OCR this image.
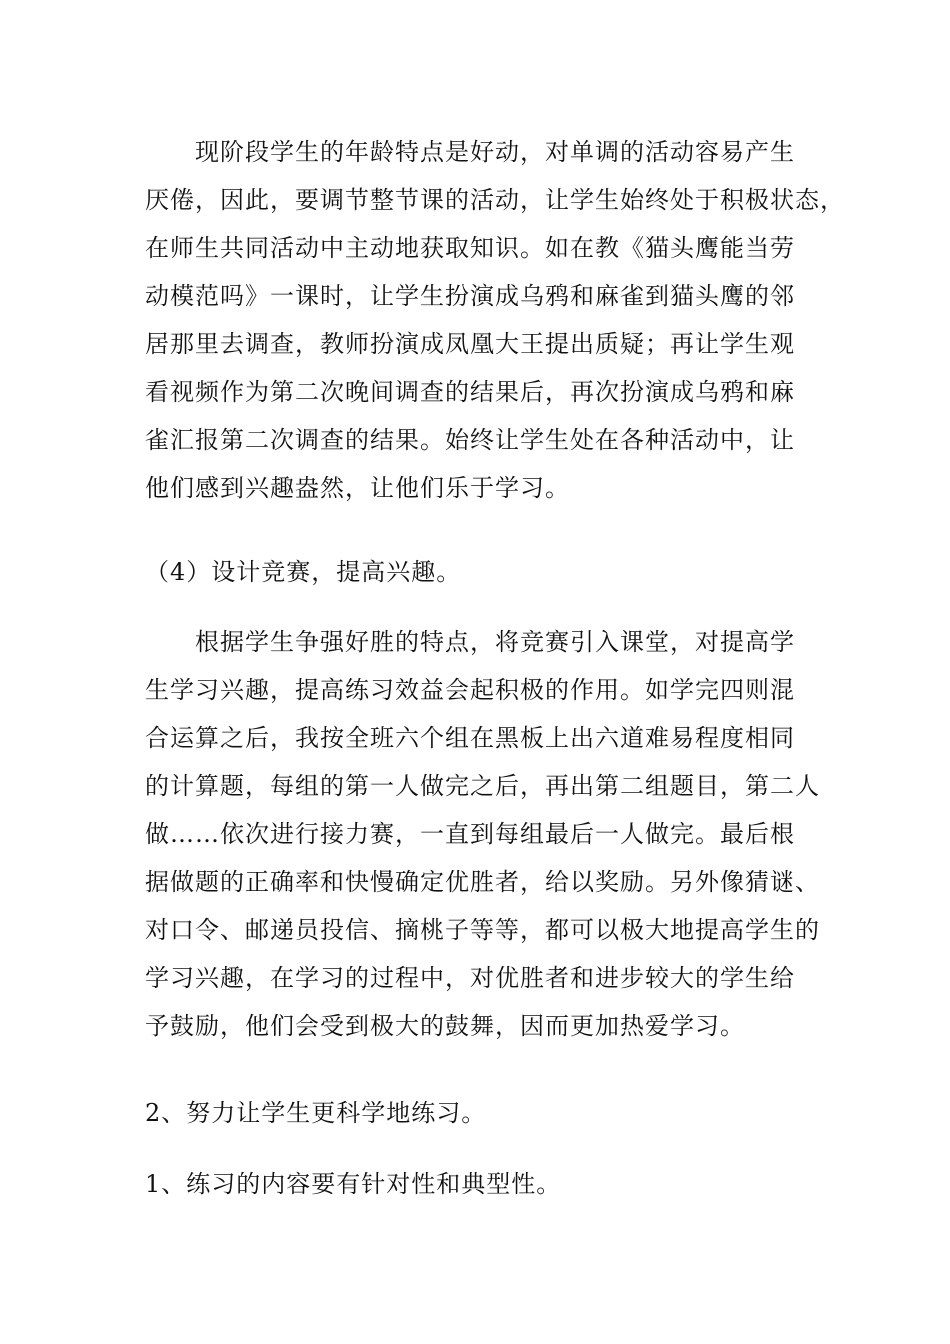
现阶段学生的年龄特点是好动，对单调的活动容易产生
厌倦，因此，要调节整节课的活动，让学生始终处于积极状态，
在师生共同活动中主动地获取知识。如在教《猫头鹰能当劳
动模范吗》一课时，让学生扮演成乌鸦和麻雀到猫头鹰的邻
居那里去调查，教师扮演成凤凰大王提出质疑；再让学生观
看视频作为第二次晚间调查的结果后，再次扮演成乌鸦和麻
雀汇报第二次调查的结果。始终让学生处在各种活动中，让
他们感到兴趣盎然，让他们乐于学习。

（4）设计竞赛，提高兴趣。

根据学生争强好胜的特点，将竞赛引入课堂，对提高学
生学习兴趣，提高练习效益会起积极的作用。如学完四则混
合运算之后，我按全班六个组在黑板上出六道难易程度相同
的计算题，每组的第一人做完之后，再出第二组题目，第二人
做……依次进行接力赛，一直到每组最后一人做完。最后根
据做题的正确率和快慢确定优胜者，给以奖励。另外像猜谜、
对口令、邮递员投信、摘桃子等等，都可以极大地提高学生的
学习兴趣，在学习的过程中，对优胜者和进步较大的学生给
予鼓励，他们会受到极大的鼓舞，因而更加热爱学习。

2、努力让学生更科学地练习。

1、练习的内容要有针对性和典型性。
